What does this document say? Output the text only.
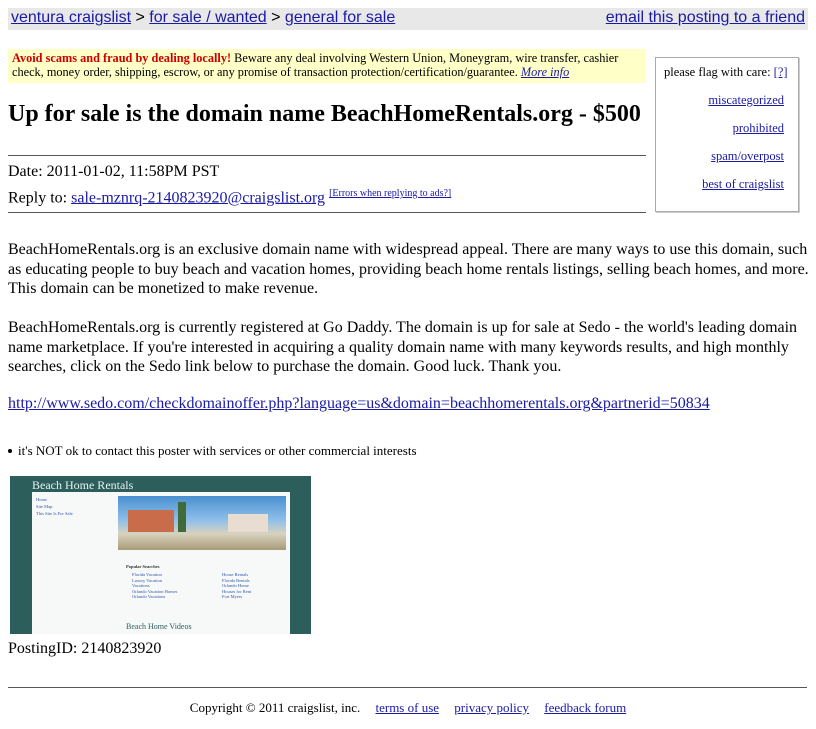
ventura craigslist > for sale / wanted > general for sale	email this posting to a friend
Avoid scams and fraud by dealing locally! Beware any deal involving Western Union, Moneygram, wire transfer, cashier check, money order, shipping, escrow, or any promise of transaction protection/certification/guarantee. More info	please flag with care: [?]
miscategorized
prohibited
spam/overpost
best of craigslist
Up for sale is the domain name BeachHomeRentals.org - $500
Date: 2011-01-02, 11:58PM PST
Reply to: sale-mznrq-2140823920@craigslist.org [Errors when replying to ads?]
BeachHomeRentals.org is an exclusive domain name with widespread appeal. There are many ways to use this domain, such as educating people to buy beach and vacation homes, providing beach home rentals listings, selling beach homes, and more. This domain can be monetized to make revenue.
BeachHomeRentals.org is currently registered at Go Daddy. The domain is up for sale at Sedo - the world's leading domain name marketplace. If you're interested in acquiring a quality domain name with many keywords results, and high monthly searches, click on the Sedo link below to purchase the domain. Good luck. Thank you.
http://www.sedo.com/checkdomainoffer.php?language=us&domain=beachhomerentals.org&partnerid=50834
it's NOT ok to contact this poster with services or other commercial interests
Beach Home Rentals
Home
Site Map
This Site Is For Sale
Popular Searches
Florida Vacation
Luxury Vacation
Vacations
Orlando Vacation Homes
Orlando Vacations
House Rentals
Florida Rentals
Orlando Home
Houses for Rent
Fort Myers
Beach Home Videos
PostingID: 2140823920
Copyright © 2011 craigslist, inc. terms of use privacy policy feedback forum
